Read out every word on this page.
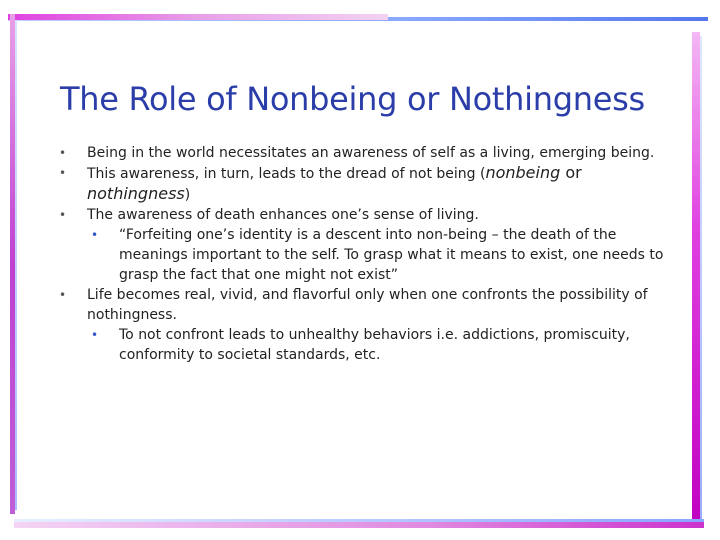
The Role of Nonbeing or Nothingness
• Being in the world necessitates an awareness of self as a living, emerging being.
• This awareness, in turn, leads to the dread of not being (nonbeing or nothingness)
• The awareness of death enhances one’s sense of living.
• “Forfeiting one’s identity is a descent into non-being – the death of the meanings important to the self. To grasp what it means to exist, one needs to grasp the fact that one might not exist”
• Life becomes real, vivid, and flavorful only when one confronts the possibility of nothingness.
• To not confront leads to unhealthy behaviors i.e. addictions, promiscuity, conformity to societal standards, etc.
